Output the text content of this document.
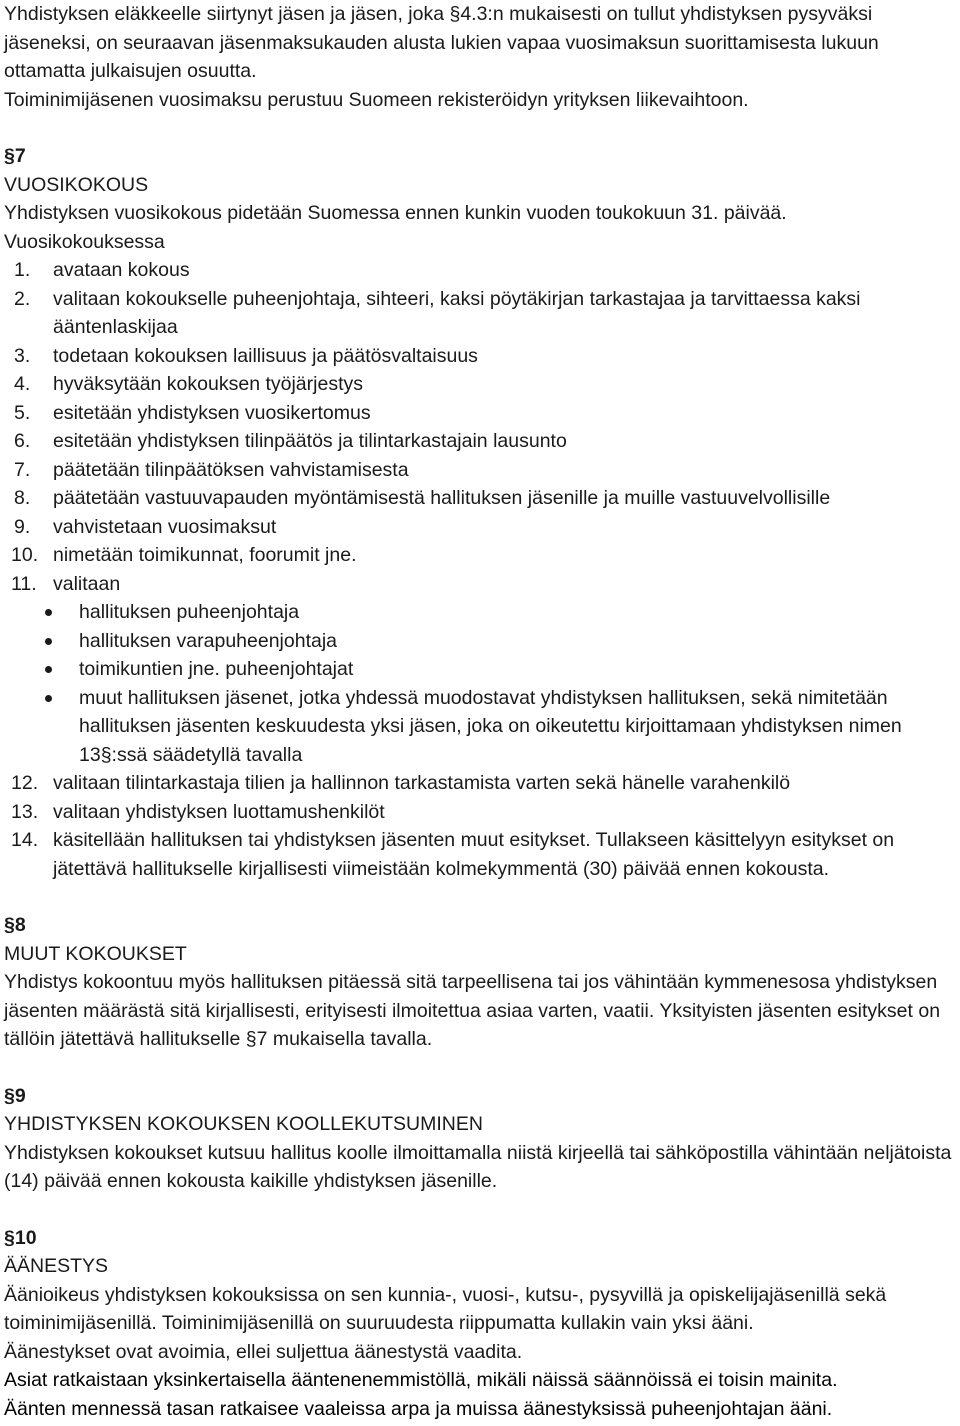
Yhdistyksen eläkkeelle siirtynyt jäsen ja jäsen, joka §4.3:n mukaisesti on tullut yhdistyksen pysyväksi jäseneksi, on seuraavan jäsenmaksukauden alusta lukien vapaa vuosimaksun suorittamisesta lukuun ottamatta julkaisujen osuutta.

Toiminimijäsenen vuosimaksu perustuu Suomeen rekisteröidyn yrityksen liikevaihtoon.

§7

VUOSIKOKOUS

Yhdistyksen vuosikokous pidetään Suomessa ennen kunkin vuoden toukokuun 31. päivää.

Vuosikokouksessa

1.	avataan kokous
2.	valitaan kokoukselle puheenjohtaja, sihteeri, kaksi pöytäkirjan tarkastajaa ja tarvittaessa kaksi ääntenlaskijaa
3.	todetaan kokouksen laillisuus ja päätösvaltaisuus
4.	hyväksytään kokouksen työjärjestys
5.	esitetään yhdistyksen vuosikertomus
6.	esitetään yhdistyksen tilinpäätös ja tilintarkastajain lausunto
7.	päätetään tilinpäätöksen vahvistamisesta
8.	päätetään vastuuvapauden myöntämisestä hallituksen jäsenille ja muille vastuuvelvollisille
9.	vahvistetaan vuosimaksut
10. nimetään toimikunnat, foorumit jne.
11. valitaan
hallituksen puheenjohtaja
hallituksen varapuheenjohtaja
toimikuntien jne. puheenjohtajat
muut hallituksen jäsenet, jotka yhdessä muodostavat yhdistyksen hallituksen, sekä nimitetään hallituksen jäsenten keskuudesta yksi jäsen, joka on oikeutettu kirjoittamaan yhdistyksen nimen 13§:ssä säädetyllä tavalla
12. valitaan tilintarkastaja tilien ja hallinnon tarkastamista varten sekä hänelle varahenkilö
13. valitaan yhdistyksen luottamushenkilöt
14. käsitellään hallituksen tai yhdistyksen jäsenten muut esitykset. Tullakseen käsittelyyn esitykset on jätettävä hallitukselle kirjallisesti viimeistään kolmekymmentä (30) päivää ennen kokousta.

§8

MUUT KOKOUKSET

Yhdistys kokoontuu myös hallituksen pitäessä sitä tarpeellisena tai jos vähintään kymmenesosa yhdistyksen jäsenten määrästä sitä kirjallisesti, erityisesti ilmoitettua asiaa varten, vaatii. Yksityisten jäsenten esitykset on tällöin jätettävä hallitukselle §7 mukaisella tavalla.

§9

YHDISTYKSEN KOKOUKSEN KOOLLEKUTSUMINEN

Yhdistyksen kokoukset kutsuu hallitus koolle ilmoittamalla niistä kirjeellä tai sähköpostilla vähintään neljätoista (14) päivää ennen kokousta kaikille yhdistyksen jäsenille.

§10

ÄÄNESTYS

Äänioikeus yhdistyksen kokouksissa on sen kunnia-, vuosi-, kutsu-, pysyvillä ja opiskelijajäsenillä sekä toiminimijäsenillä. Toiminimijäsenillä on suuruudesta riippumatta kullakin vain yksi ääni.

Äänestykset ovat avoimia, ellei suljettua äänestystä vaadita.

Asiat ratkaistaan yksinkertaisella ääntenenemmistöllä, mikäli näissä säännöissä ei toisin mainita.

Äänten mennessä tasan ratkaisee vaaleissa arpa ja muissa äänestyksissä puheenjohtajan ääni.
